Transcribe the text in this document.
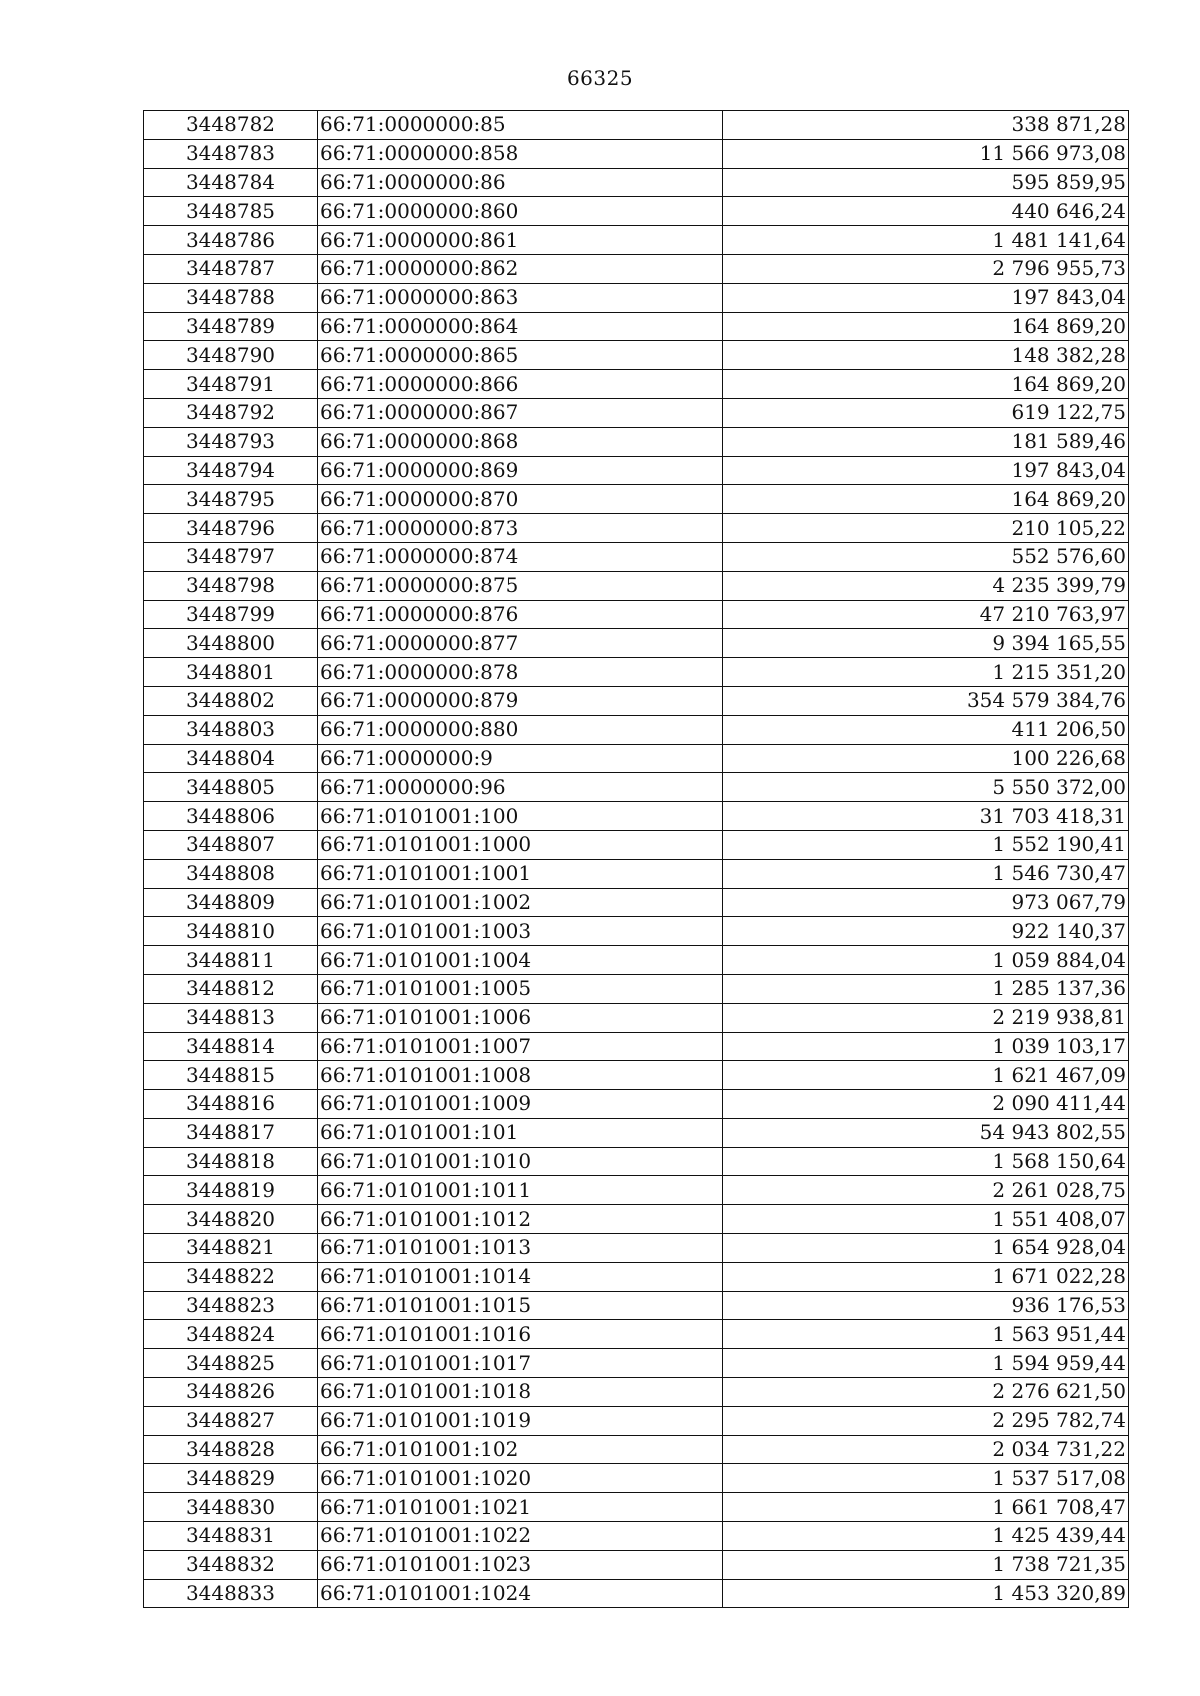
66325
3448782	66:71:0000000:85	338 871,28
3448783	66:71:0000000:858	11 566 973,08
3448784	66:71:0000000:86	595 859,95
3448785	66:71:0000000:860	440 646,24
3448786	66:71:0000000:861	1 481 141,64
3448787	66:71:0000000:862	2 796 955,73
3448788	66:71:0000000:863	197 843,04
3448789	66:71:0000000:864	164 869,20
3448790	66:71:0000000:865	148 382,28
3448791	66:71:0000000:866	164 869,20
3448792	66:71:0000000:867	619 122,75
3448793	66:71:0000000:868	181 589,46
3448794	66:71:0000000:869	197 843,04
3448795	66:71:0000000:870	164 869,20
3448796	66:71:0000000:873	210 105,22
3448797	66:71:0000000:874	552 576,60
3448798	66:71:0000000:875	4 235 399,79
3448799	66:71:0000000:876	47 210 763,97
3448800	66:71:0000000:877	9 394 165,55
3448801	66:71:0000000:878	1 215 351,20
3448802	66:71:0000000:879	354 579 384,76
3448803	66:71:0000000:880	411 206,50
3448804	66:71:0000000:9	100 226,68
3448805	66:71:0000000:96	5 550 372,00
3448806	66:71:0101001:100	31 703 418,31
3448807	66:71:0101001:1000	1 552 190,41
3448808	66:71:0101001:1001	1 546 730,47
3448809	66:71:0101001:1002	973 067,79
3448810	66:71:0101001:1003	922 140,37
3448811	66:71:0101001:1004	1 059 884,04
3448812	66:71:0101001:1005	1 285 137,36
3448813	66:71:0101001:1006	2 219 938,81
3448814	66:71:0101001:1007	1 039 103,17
3448815	66:71:0101001:1008	1 621 467,09
3448816	66:71:0101001:1009	2 090 411,44
3448817	66:71:0101001:101	54 943 802,55
3448818	66:71:0101001:1010	1 568 150,64
3448819	66:71:0101001:1011	2 261 028,75
3448820	66:71:0101001:1012	1 551 408,07
3448821	66:71:0101001:1013	1 654 928,04
3448822	66:71:0101001:1014	1 671 022,28
3448823	66:71:0101001:1015	936 176,53
3448824	66:71:0101001:1016	1 563 951,44
3448825	66:71:0101001:1017	1 594 959,44
3448826	66:71:0101001:1018	2 276 621,50
3448827	66:71:0101001:1019	2 295 782,74
3448828	66:71:0101001:102	2 034 731,22
3448829	66:71:0101001:1020	1 537 517,08
3448830	66:71:0101001:1021	1 661 708,47
3448831	66:71:0101001:1022	1 425 439,44
3448832	66:71:0101001:1023	1 738 721,35
3448833	66:71:0101001:1024	1 453 320,89
